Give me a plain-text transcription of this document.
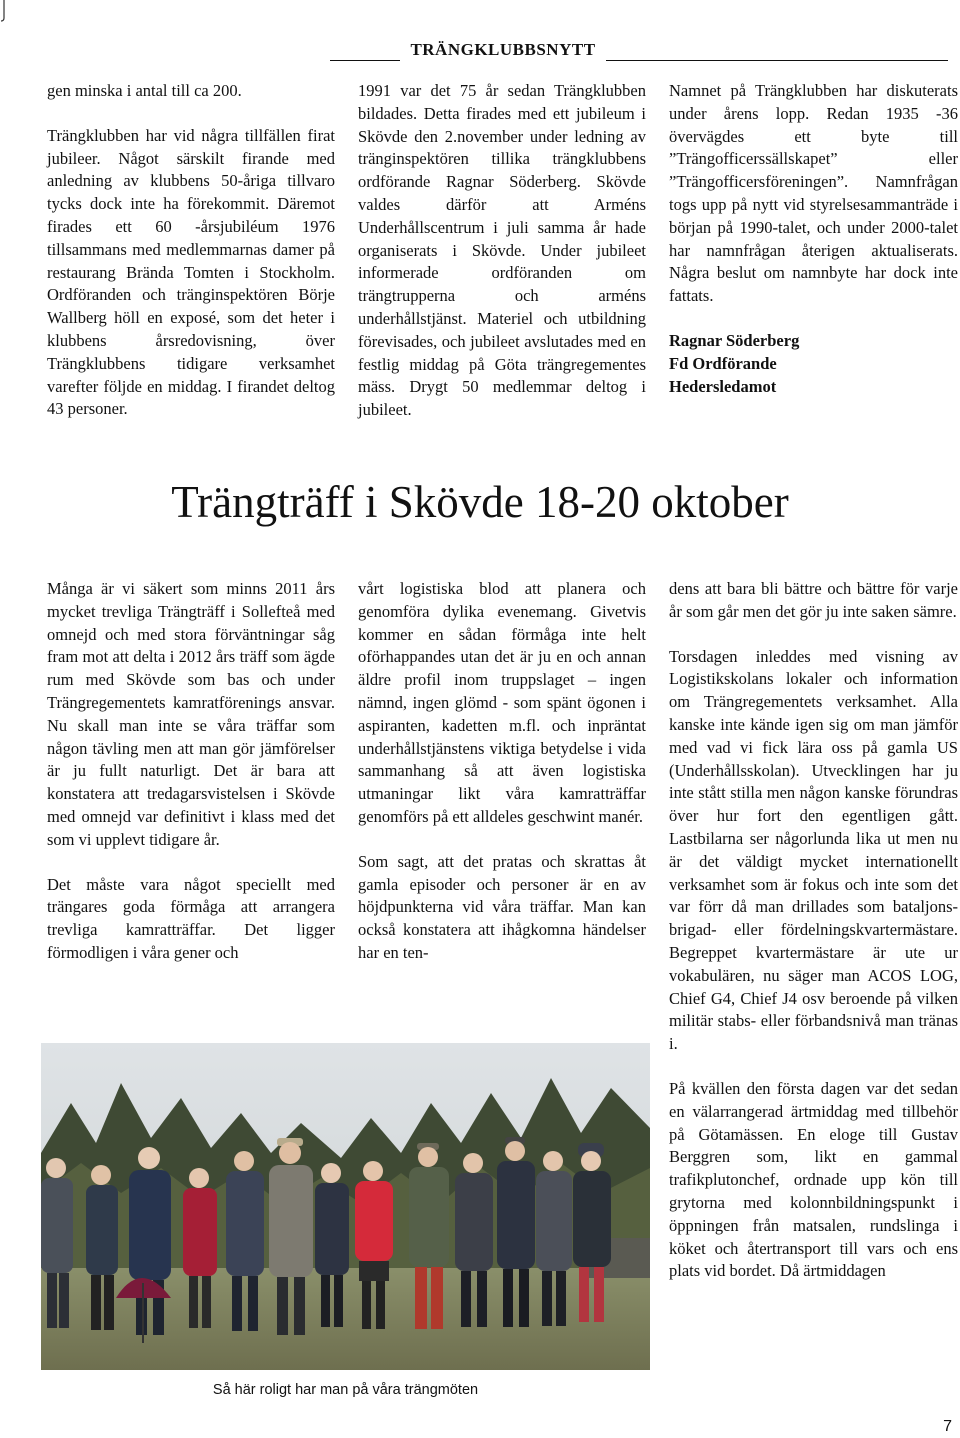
TRÄNGKLUBBSNYTT

gen minska i antal till ca 200.

Trängklubben har vid några tillfällen firat jubileer. Något särskilt firande med anledning av klubbens 50-åriga tillvaro tycks dock inte ha förekommit. Däremot firades ett 60 -årsjubiléum 1976 tillsammans med medlemmarnas damer på restaurang Brända Tomten i Stockholm. Ordföranden och tränginspektören Börje Wallberg höll en exposé, som det heter i klubbens årsredovisning, över Trängklubbens tidigare verksamhet varefter följde en middag. I firandet deltog 43 personer.

1991 var det 75 år sedan Trängklubben bildades. Detta firades med ett jubileum i Skövde den 2.november under ledning av tränginspektören tillika trängklubbens ordförande Ragnar Söderberg. Skövde valdes därför att Arméns Underhållscentrum i juli samma år hade organiserats i Skövde. Under jubileet informerade ordföranden om trängtrupperna och arméns underhållstjänst. Materiel och utbildning förevisades, och jubileet avslutades med en festlig middag på Göta trängregementes mäss. Drygt 50 medlemmar deltog i jubileet.

Namnet på Trängklubben har diskuterats under årens lopp. Redan 1935 -36 övervägdes ett byte till ”Trängofficerssällskapet” eller ”Trängofficersföreningen”. Namnfrågan togs upp på nytt vid styrelsesammanträde i början på 1990-talet, och under 2000-talet har namnfrågan återigen aktualiserats. Några beslut om namnbyte har dock inte fattats.

Ragnar Söderberg
Fd Ordförande
Hedersledamot
Trängträff i Skövde 18-20 oktober

Många är vi säkert som minns 2011 års mycket trevliga Trängträff i Sollefteå med omnejd och med stora förväntningar såg fram mot att delta i 2012 års träff som ägde rum med Skövde som bas och under Trängregementets kamratförenings ansvar. Nu skall man inte se våra träffar som någon tävling men att man gör jämförelser är ju fullt naturligt. Det är bara att konstatera att tredagarsvistelsen i Skövde med omnejd var definitivt i klass med det som vi upplevt tidigare år.

Det måste vara något speciellt med trängares goda förmåga att arrangera trevliga kamratträffar. Det ligger förmodligen i våra gener och

vårt logistiska blod att planera och genomföra dylika evenemang. Givetvis kommer en sådan förmåga inte helt oförhappandes utan det är ju en och annan äldre profil inom truppslaget – ingen nämnd, ingen glömd - som spänt ögonen i aspiranten, kadetten m.fl. och inpräntat underhållstjänstens viktiga betydelse i vida sammanhang så att även logistiska utmaningar likt våra kamratträffar genomförs på ett alldeles geschwint manér.

Som sagt, att det pratas och skrattas åt gamla episoder och personer är en av höjdpunkterna vid våra träffar. Man kan också konstatera att ihågkomna händelser har en ten-

dens att bara bli bättre och bättre för varje år som går men det gör ju inte saken sämre.

Torsdagen inleddes med visning av Logistikskolans lokaler och information om Trängregementets verksamhet. Alla kanske inte kände igen sig om man jämför med vad vi fick lära oss på gamla US (Underhållsskolan). Utvecklingen har ju inte stått stilla men någon kanske förundras över hur fort den egentligen gått. Lastbilarna ser någorlunda lika ut men nu är det väldigt mycket internationellt verksamhet som är fokus och inte som det var förr då man drillades som bataljons- brigad- eller fördelningskvartermästare. Begreppet kvartermästare är ute ur vokabulären, nu säger man ACOS LOG, Chief G4, Chief J4 osv beroende på vilken militär stabs- eller förbandsnivå man tränas i.

På kvällen den första dagen var det sedan en välarrangerad ärtmiddag med tillbehör på Götamässen. En eloge till Gustav Berggren som, likt en gammal trafikplutonchef, ordnade upp kön till grytorna med kolonnbildningspunkt i öppningen från matsalen, rundslinga i köket och återtransport till vars och ens plats vid bordet. Då ärtmiddagen

Så här roligt har man på våra trängmöten
7
